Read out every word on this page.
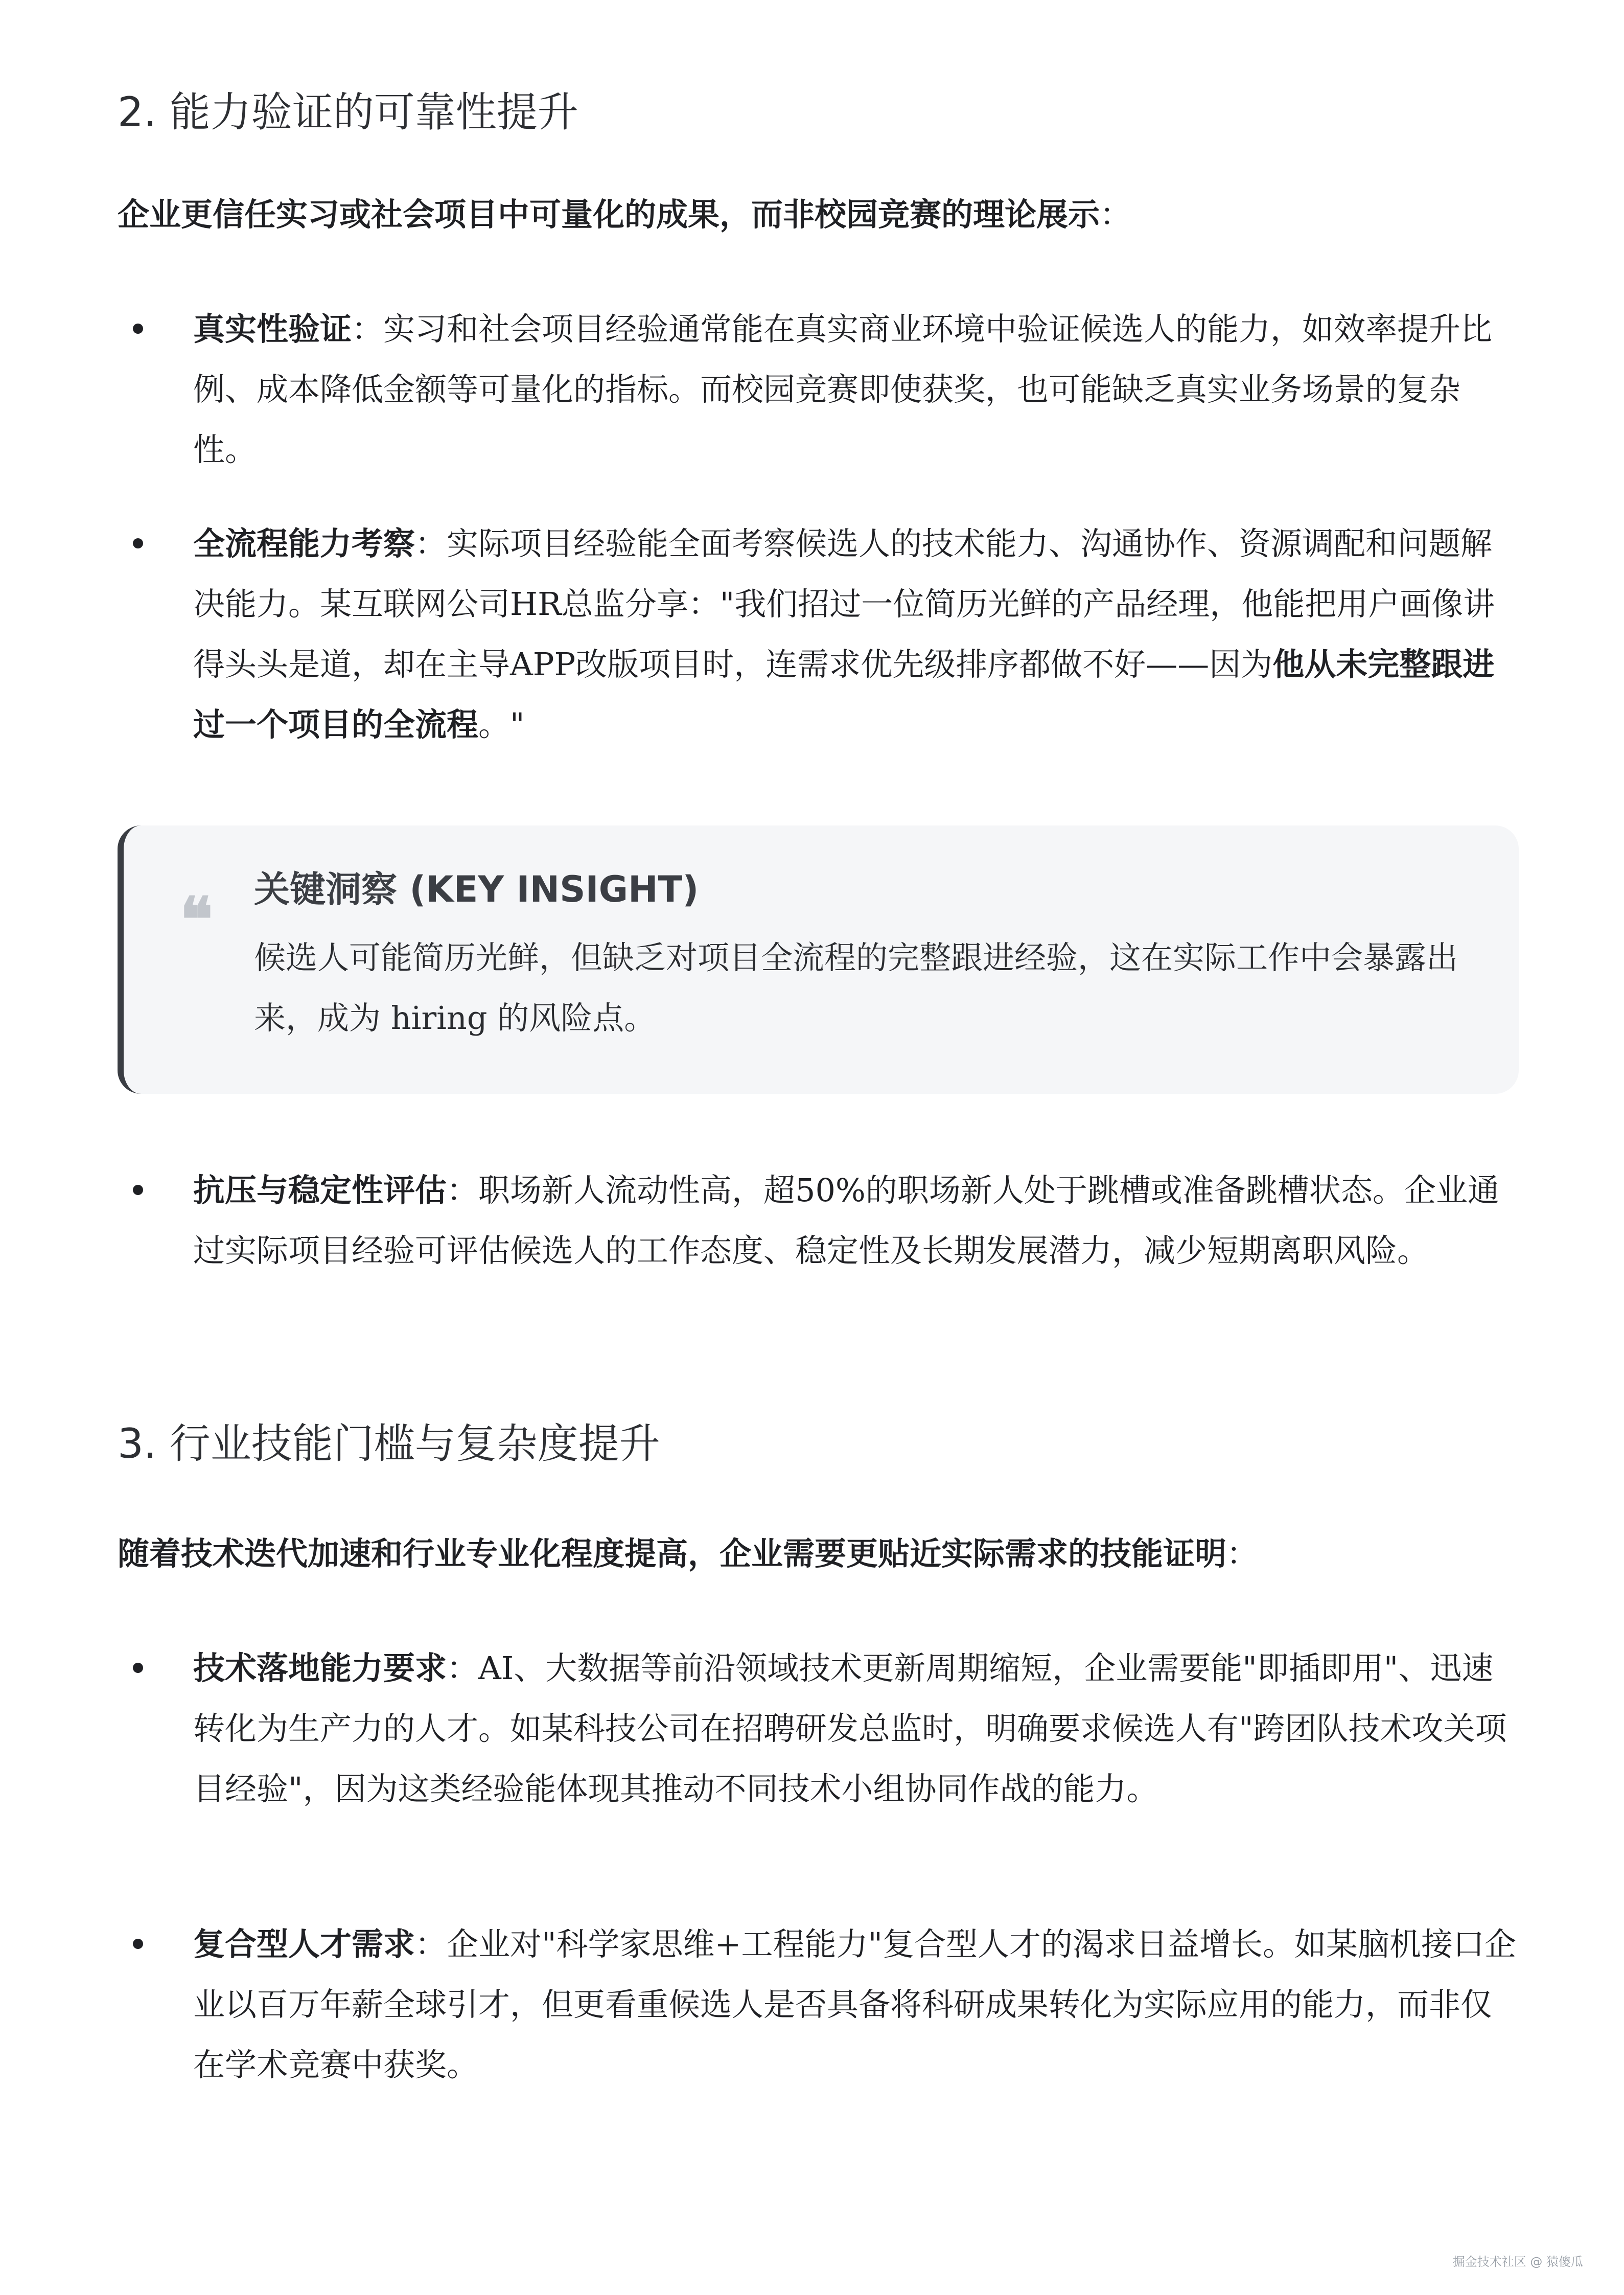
2. 能力验证的可靠性提升
企业更信任实习或社会项目中可量化的成果，而非校园竞赛的理论展示：
真实性验证：实习和社会项目经验通常能在真实商业环境中验证候选人的能力，如效率提升比例、成本降低金额等可量化的指标。而校园竞赛即使获奖，也可能缺乏真实业务场景的复杂性。
全流程能力考察：实际项目经验能全面考察候选人的技术能力、沟通协作、资源调配和问题解决能力。某互联网公司HR总监分享："我们招过一位简历光鲜的产品经理，他能把用户画像讲得头头是道，却在主导APP改版项目时，连需求优先级排序都做不好——因为他从未完整跟进过一个项目的全流程。"
❝ 关键洞察 (KEY INSIGHT)
候选人可能简历光鲜，但缺乏对项目全流程的完整跟进经验，这在实际工作中会暴露出来，成为 hiring 的风险点。
抗压与稳定性评估：职场新人流动性高，超50%的职场新人处于跳槽或准备跳槽状态。企业通过实际项目经验可评估候选人的工作态度、稳定性及长期发展潜力，减少短期离职风险。
3. 行业技能门槛与复杂度提升
随着技术迭代加速和行业专业化程度提高，企业需要更贴近实际需求的技能证明：
技术落地能力要求：AI、大数据等前沿领域技术更新周期缩短，企业需要能"即插即用"、迅速转化为生产力的人才。如某科技公司在招聘研发总监时，明确要求候选人有"跨团队技术攻关项目经验"，因为这类经验能体现其推动不同技术小组协同作战的能力。
复合型人才需求：企业对"科学家思维+工程能力"复合型人才的渴求日益增长。如某脑机接口企业以百万年薪全球引才，但更看重候选人是否具备将科研成果转化为实际应用的能力，而非仅在学术竞赛中获奖。
掘金技术社区 @ 猿傻瓜
